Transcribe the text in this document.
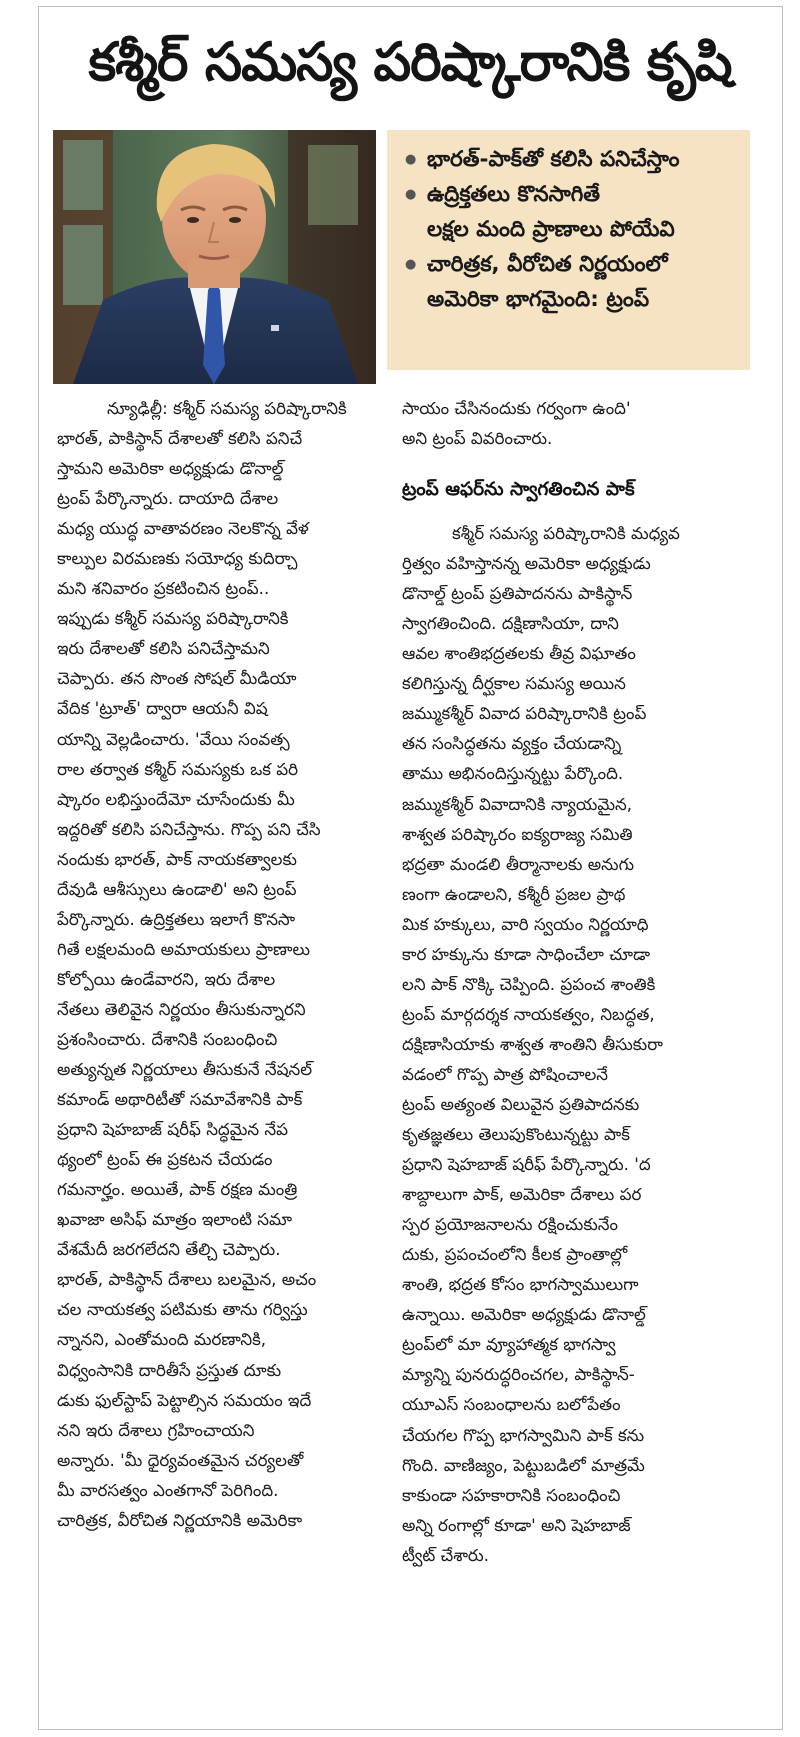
కశ్మీర్ సమస్య పరిష్కారానికి కృషి
● భారత్-పాక్‌తో కలిసి పనిచేస్తాం
● ఉద్రిక్తతలు కొనసాగితే
లక్షల మంది ప్రాణాలు పోయేవి
● చారిత్రక, వీరోచిత నిర్ణయంలో
అమెరికా భాగమైంది: ట్రంప్
న్యూఢిల్లీ: కశ్మీర్ సమస్య పరిష్కారానికి
భారత్, పాకిస్థాన్ దేశాలతో కలిసి పనిచే
స్తామని అమెరికా అధ్యక్షుడు డొనాల్డ్
ట్రంప్ పేర్కొన్నారు. దాయాది దేశాల
మధ్య యుద్ధ వాతావరణం నెలకొన్న వేళ
కాల్పుల విరమణకు సయోధ్య కుదిర్చా
మని శనివారం ప్రకటించిన ట్రంప్..
ఇప్పుడు కశ్మీర్ సమస్య పరిష్కారానికి
ఇరు దేశాలతో కలిసి పనిచేస్తామని
చెప్పారు. తన సొంత సోషల్ మీడియా
వేదిక 'ట్రూత్' ద్వారా ఆయనీ విష
యాన్ని వెల్లడించారు. 'వేయి సంవత్స
రాల తర్వాత కశ్మీర్ సమస్యకు ఒక పరి
ష్కారం లభిస్తుందేమో చూసేందుకు మీ
ఇద్దరితో కలిసి పనిచేస్తాను. గొప్ప పని చేసి
నందుకు భారత్, పాక్ నాయకత్వాలకు
దేవుడి ఆశీస్సులు ఉండాలి' అని ట్రంప్
పేర్కొన్నారు. ఉద్రిక్తతలు ఇలాగే కొనసా
గితే లక్షలమంది అమాయకులు ప్రాణాలు
కోల్పోయి ఉండేవారని, ఇరు దేశాల
నేతలు తెలివైన నిర్ణయం తీసుకున్నారని
ప్రశంసించారు. దేశానికి సంబంధించి
అత్యున్నత నిర్ణయాలు తీసుకునే నేషనల్
కమాండ్ అథారిటీతో సమావేశానికి పాక్
ప్రధాని షెహబాజ్ షరీఫ్ సిద్ధమైన నేప
థ్యంలో ట్రంప్ ఈ ప్రకటన చేయడం
గమనార్హం. అయితే, పాక్ రక్షణ మంత్రి
ఖవాజా అసిఫ్ మాత్రం ఇలాంటి సమా
వేశమేదీ జరగలేదని తేల్చి చెప్పారు.
భారత్, పాకిస్థాన్ దేశాలు బలమైన, అచం
చల నాయకత్వ పటిమకు తాను గర్విస్తు
న్నానని, ఎంతోమంది మరణానికి,
విధ్వంసానికి దారితీసే ప్రస్తుత దూకు
డుకు ఫుల్‌స్టాప్ పెట్టాల్సిన సమయం ఇదే
నని ఇరు దేశాలు గ్రహించాయని
అన్నారు. 'మీ ధైర్యవంతమైన చర్యలతో
మీ వారసత్వం ఎంతగానో పెరిగింది.
చారిత్రక, వీరోచిత నిర్ణయానికి అమెరికా
సాయం చేసినందుకు గర్వంగా ఉంది'
అని ట్రంప్ వివరించారు.
ట్రంప్ ఆఫర్‌ను స్వాగతించిన పాక్
కశ్మీర్ సమస్య పరిష్కారానికి మధ్యవ
ర్తిత్వం వహిస్తానన్న అమెరికా అధ్యక్షుడు
డొనాల్డ్ ట్రంప్ ప్రతిపాదనను పాకిస్థాన్
స్వాగతించింది. దక్షిణాసియా, దాని
ఆవల శాంతిభద్రతలకు తీవ్ర విఘాతం
కలిగిస్తున్న దీర్ఘకాల సమస్య అయిన
జమ్ముకశ్మీర్ వివాద పరిష్కారానికి ట్రంప్
తన సంసిద్ధతను వ్యక్తం చేయడాన్ని
తాము అభినందిస్తున్నట్టు పేర్కొంది.
జమ్ముకశ్మీర్ వివాదానికి న్యాయమైన,
శాశ్వత పరిష్కారం ఐక్యరాజ్య సమితి
భద్రతా మండలి తీర్మానాలకు అనుగు
ణంగా ఉండాలని, కశ్మీరీ ప్రజల ప్రాథ
మిక హక్కులు, వారి స్వయం నిర్ణయాధి
కార హక్కును కూడా సాధించేలా చూడా
లని పాక్ నొక్కి చెప్పింది. ప్రపంచ శాంతికి
ట్రంప్ మార్గదర్శక నాయకత్వం, నిబద్ధత,
దక్షిణాసియాకు శాశ్వత శాంతిని తీసుకురా
వడంలో గొప్ప పాత్ర పోషించాలనే
ట్రంప్ అత్యంత విలువైన ప్రతిపాదనకు
కృతజ్ఞతలు తెలుపుకొంటున్నట్టు పాక్
ప్రధాని షెహబాజ్ షరీఫ్ పేర్కొన్నారు. 'ద
శాబ్దాలుగా పాక్, అమెరికా దేశాలు పర
స్పర ప్రయోజనాలను రక్షించుకునేం
దుకు, ప్రపంచంలోని కీలక ప్రాంతాల్లో
శాంతి, భద్రత కోసం భాగస్వాములుగా
ఉన్నాయి. అమెరికా అధ్యక్షుడు డొనాల్డ్
ట్రంప్‌లో మా వ్యూహాత్మక భాగస్వా
మ్యాన్ని పునరుద్ధరించగల, పాకిస్థాన్-
యూఎస్ సంబంధాలను బలోపేతం
చేయగల గొప్ప భాగస్వామిని పాక్ కను
గొంది. వాణిజ్యం, పెట్టుబడిలో మాత్రమే
కాకుండా సహకారానికి సంబంధించి
అన్ని రంగాల్లో కూడా' అని షెహబాజ్
ట్వీట్ చేశారు.
